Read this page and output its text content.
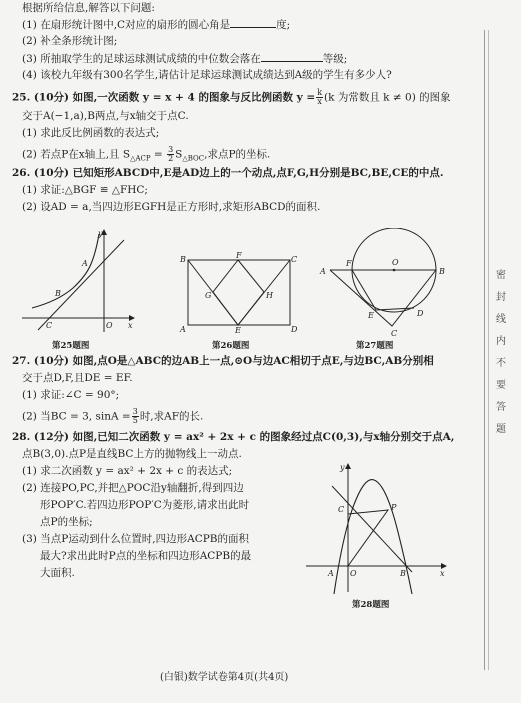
根据所给信息,解答以下问题:
(1) 在扇形统计图中,C对应的扇形的圆心角是	度;
(2) 补全条形统计图;
(3) 所抽取学生的足球运球测试成绩的中位数会落在	等级;
(4) 该校九年级有300名学生,请估计足球运球测试成绩达到A级的学生有多少人?
25. (10分) 如图,一次函数 y = x + 4 的图象与反比例函数 $y = \frac{k}{x} (k$ 为常数且 k ≠ 0) 的图象
交于A(−1,a),B两点,与x轴交于点C.
(1) 求此反比例函数的表达式;
(2) 若点P在x轴上,且 $S_{\triangle ACP} = \frac{3}{2} S_{\triangle BOC}$,求点P的坐标.
26. (10分) 已知矩形ABCD中,E是AD边上的一个动点,点F,G,H分别是BC,BE,CE的中点.
(1) 求证:△BGF ≌ △FHC;
(2) 设AD = a,当四边形EGFH是正方形时,求矩形ABCD的面积.
y
x
A
B
C	O
第25题图
B	C
A	D
E
F
G	H
第26题图
A	B
C
D
E
F	O
第27题图
27. (10分) 如图,点O是△ABC的边AB上一点,⊙O与边AC相切于点E,与边BC,AB分别相
交于点D,F,且DE = EF.
(1) 求证:∠C = 90°;
(2) 当BC = 3, $\sin A = \frac{3}{5}$ 时,求AF的长.
28. (12分) 如图,已知二次函数 y = ax² + 2x + c 的图象经过点C(0,3),与x轴分别交于点A,
点B(3,0).点P是直线BC上方的抛物线上一动点.
(1) 求二次函数 y = ax² + 2x + c 的表达式;
(2) 连接PO,PC,并把△POC沿y轴翻折,得到四边
形POP′C.若四边形POP′C为菱形,请求出此时
点P的坐标;
(3) 当点P运动到什么位置时,四边形ACPB的面积
最大?求出此时P点的坐标和四边形ACPB的最
大面积.
y
x
A	B
C
O
P
第28题图
(白银)数学试卷第4页(共4页)
密
封
线
内
不
要
答
题
